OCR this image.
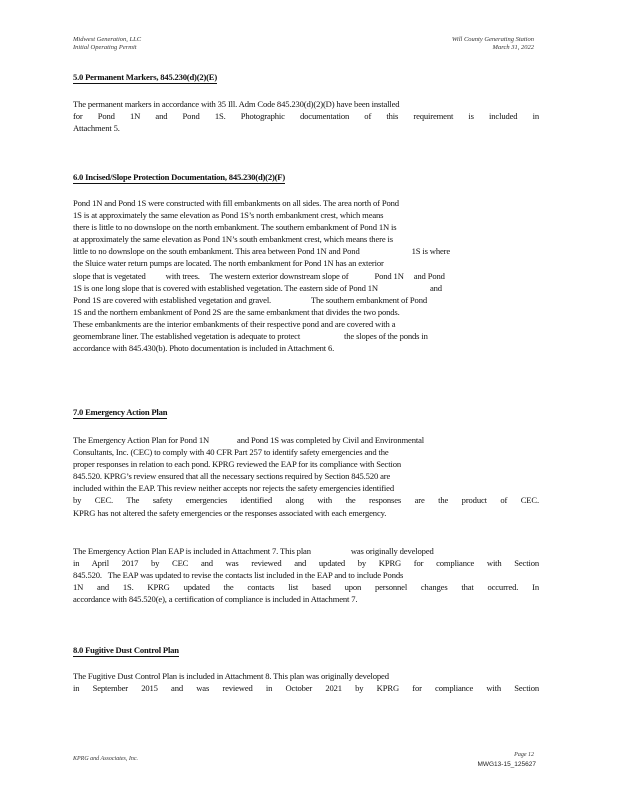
Midwest Generation, LLC
Initial Operating Permit
Will County Generating Station
March 31, 2022
5.0 Permanent Markers, 845.230(d)(2)(E)
The permanent markers in accordance with 35 Ill. Adm Code 845.230(d)(2)(D) have been installed
for Pond 1N and Pond 1S. Photographic documentation of this requirement is included in
Attachment 5.
6.0 Incised/Slope Protection Documentation, 845.230(d)(2)(F)
Pond 1N and Pond 1S were constructed with fill embankments on all sides. The area north of Pond
1S is at approximately the same elevation as Pond 1S’s north embankment crest, which means
there is little to no downslope on the north embankment. The southern embankment of Pond 1N is
at approximately the same elevation as Pond 1N’s south embankment crest, which means there is
little to no downslope on the south embankment. This area between Pond 1N and Pond                          1S is where
the Sluice water return pumps are located. The north embankment for Pond 1N has an exterior
slope that is vegetated          with trees.     The western exterior downstream slope of             Pond 1N     and Pond
1S is one long slope that is covered with established vegetation. The eastern side of Pond 1N                          and
Pond 1S are covered with established vegetation and gravel.                    The southern embankment of Pond
1S and the northern embankment of Pond 2S are the same embankment that divides the two ponds.
These embankments are the interior embankments of their respective pond and are covered with a
geomembrane liner. The established vegetation is adequate to protect                      the slopes of the ponds in
accordance with 845.430(b). Photo documentation is included in Attachment 6.
7.0 Emergency Action Plan
The Emergency Action Plan for Pond 1N              and Pond 1S was completed by Civil and Environmental
Consultants, Inc. (CEC) to comply with 40 CFR Part 257 to identify safety emergencies and the
proper responses in relation to each pond. KPRG reviewed the EAP for its compliance with Section
845.520. KPRG’s review ensured that all the necessary sections required by Section 845.520 are
included within the EAP. This review neither accepts nor rejects the safety emergencies identified
by CEC. The safety emergencies identified along with the responses are the product of CEC.
KPRG has not altered the safety emergencies or the responses associated with each emergency.
The Emergency Action Plan EAP is included in Attachment 7. This plan                    was originally developed
in April 2017 by CEC and was reviewed and updated by KPRG for compliance with Section
845.520.   The EAP was updated to revise the contacts list included in the EAP and to include Ponds
1N and 1S. KPRG updated the contacts list based upon personnel changes that occurred. In
accordance with 845.520(e), a certification of compliance is included in Attachment 7.
8.0 Fugitive Dust Control Plan
The Fugitive Dust Control Plan is included in Attachment 8. This plan was originally developed
in September 2015 and was reviewed in October 2021 by KPRG for compliance with Section
KPRG and Associates, Inc.
Page 12
MWG13-15_125627
